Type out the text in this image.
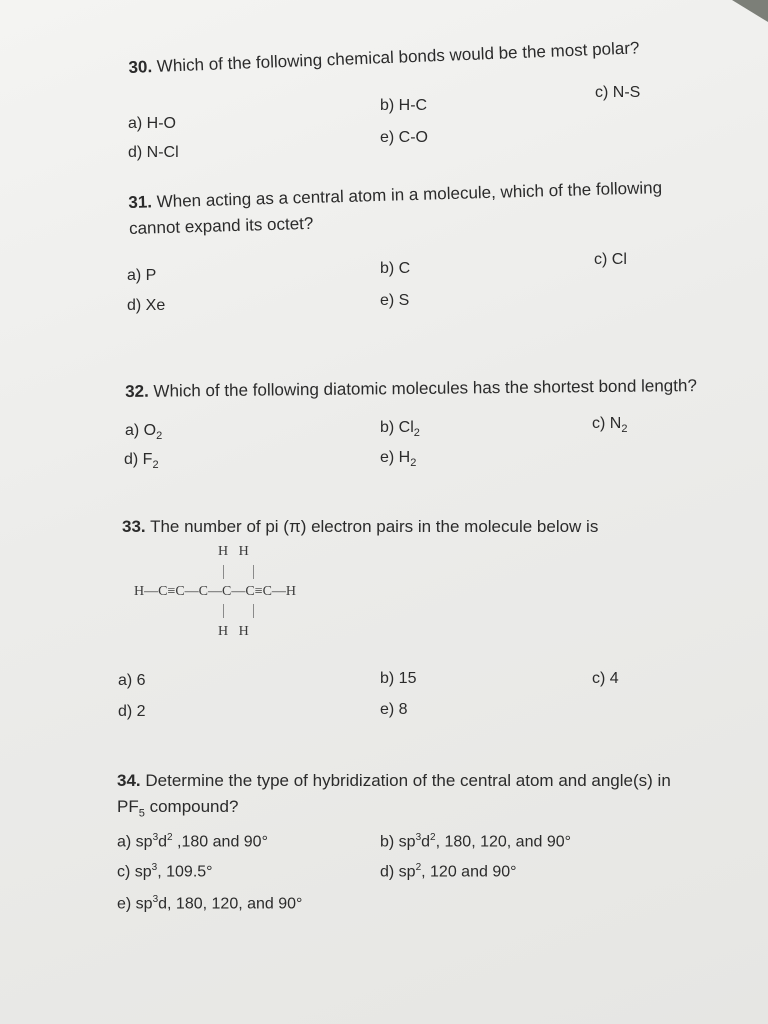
30. Which of the following chemical bonds would be the most polar?
a) H-O
b) H-C
c) N-S
d) N-Cl
e) C-O
31. When acting as a central atom in a molecule, which of the following
cannot expand its octet?
a) P	b) C
c) Cl
d) Xe	e) S
32. Which of the following diatomic molecules has the shortest bond length?
a) $O_2$
b) $Cl_2$
c) $N_2$
d) $F_2$	e) $H_2$
33. The number of pi (π) electron pairs in the molecule below is
H   H
H—C≡C—C—C—C≡C—H
H   H
a) 6	b) 15	c) 4
d) 2	e) 8
34. Determine the type of hybridization of the central atom and angle(s) in
$PF_5$ compound?
a) $sp^3d^2$ ,180 and 90°	b) $sp^3d^2$, 180, 120, and 90°
c) $sp^3$, 109.5°	d) $sp^2$, 120 and 90°
e) $sp^3d$, 180, 120, and 90°
